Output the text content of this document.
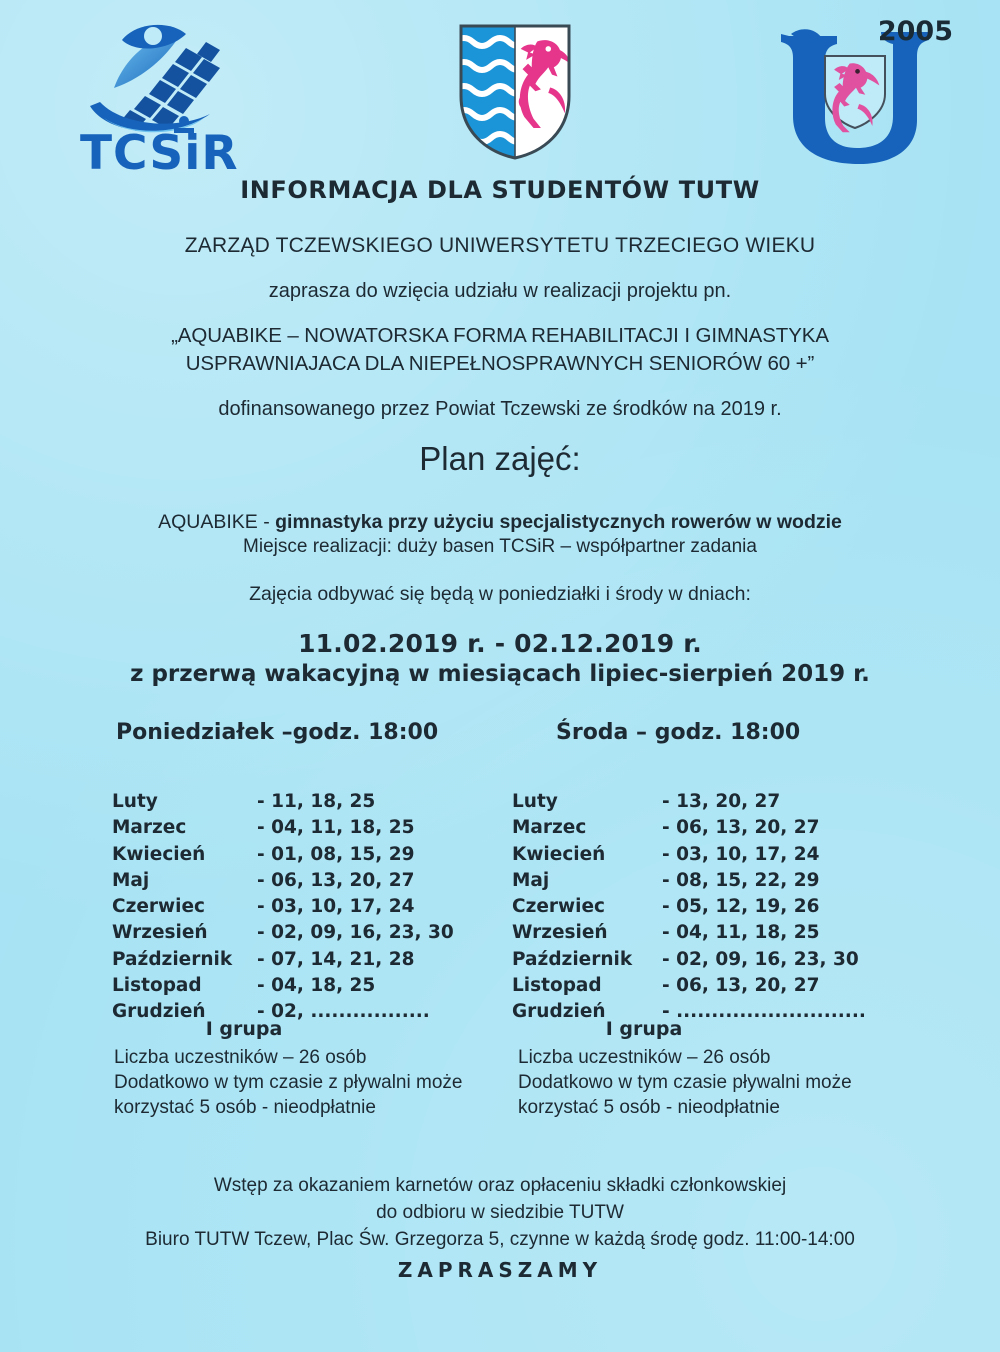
TCSiR
2005
INFORMACJA DLA STUDENTÓW TUTW
ZARZĄD TCZEWSKIEGO UNIWERSYTETU TRZECIEGO WIEKU
zaprasza do wzięcia udziału w realizacji projektu pn.
„AQUABIKE – NOWATORSKA FORMA REHABILITACJI I GIMNASTYKA
USPRAWNIAJACA DLA NIEPEŁNOSPRAWNYCH SENIORÓW 60 +”
dofinansowanego przez Powiat Tczewski ze środków na 2019 r.
Plan zajęć:
AQUABIKE - gimnastyka przy użyciu specjalistycznych rowerów w wodzie
Miejsce realizacji: duży basen TCSiR – współpartner zadania
Zajęcia odbywać się będą w poniedziałki i środy w dniach:
11.02.2019 r. - 02.12.2019 r.
z przerwą wakacyjną w miesiącach lipiec-sierpień 2019 r.
Poniedziałek –godz. 18:00
Luty	- 11, 18, 25
Marzec	- 04, 11, 18, 25
Kwiecień	- 01, 08, 15, 29
Maj	- 06, 13, 20, 27
Czerwiec	- 03, 10, 17, 24
Wrzesień	- 02, 09, 16, 23, 30
Październik	- 07, 14, 21, 28
Listopad	- 04, 18, 25
Grudzień	- 02, .................
Środa – godz. 18:00
Luty	- 13, 20, 27
Marzec	- 06, 13, 20, 27
Kwiecień	- 03, 10, 17, 24
Maj	- 08, 15, 22, 29
Czerwiec	- 05, 12, 19, 26
Wrzesień	- 04, 11, 18, 25
Październik	- 02, 09, 16, 23, 30
Listopad	- 06, 13, 20, 27
Grudzień	- ...........................
I grupa
Liczba uczestników – 26 osób
Dodatkowo w tym czasie z pływalni może
korzystać 5 osób - nieodpłatnie
I grupa
Liczba uczestników – 26 osób
Dodatkowo w tym czasie pływalni może
korzystać 5 osób - nieodpłatnie
Wstęp za okazaniem karnetów oraz opłaceniu składki członkowskiej
do odbioru w siedzibie TUTW
Biuro TUTW Tczew, Plac Św. Grzegorza 5, czynne w każdą środę godz. 11:00-14:00
ZAPRASZAMY
